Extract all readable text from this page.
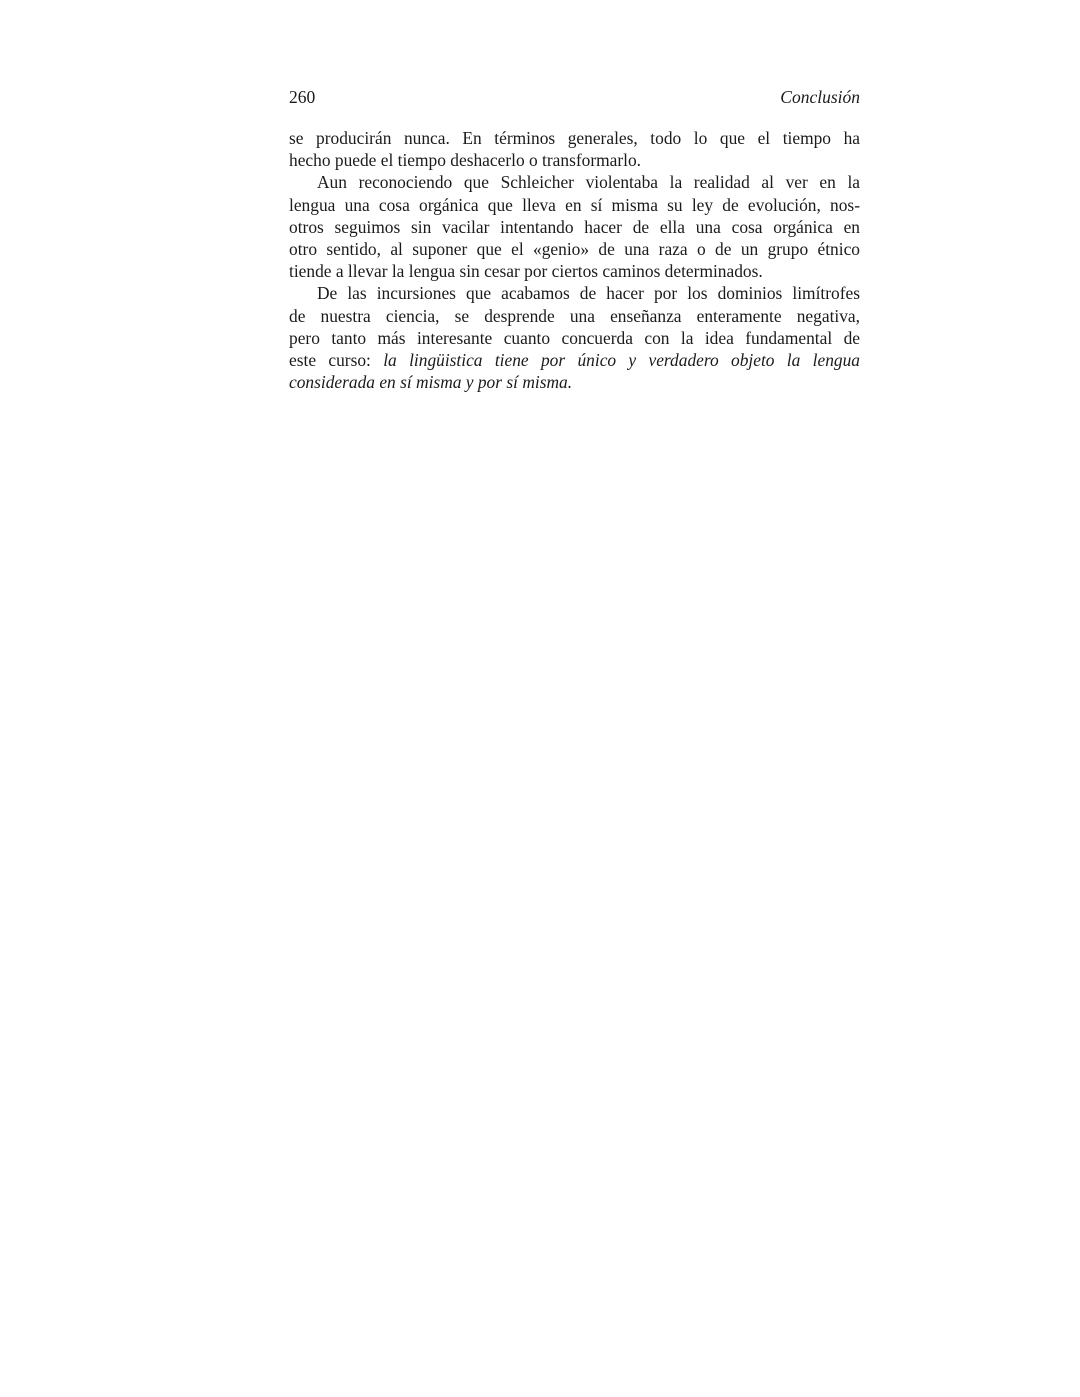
260	Conclusión
se producirán nunca. En términos generales, todo lo que el tiempo ha
hecho puede el tiempo deshacerlo o transformarlo.
Aun reconociendo que Schleicher violentaba la realidad al ver en la
lengua una cosa orgánica que lleva en sí misma su ley de evolución, nos-
otros seguimos sin vacilar intentando hacer de ella una cosa orgánica en
otro sentido, al suponer que el «genio» de una raza o de un grupo étnico
tiende a llevar la lengua sin cesar por ciertos caminos determinados.
De las incursiones que acabamos de hacer por los dominios limítrofes
de nuestra ciencia, se desprende una enseñanza enteramente negativa,
pero tanto más interesante cuanto concuerda con la idea fundamental de
este curso: la lingüistica tiene por único y verdadero objeto la lengua
considerada en sí misma y por sí misma.
